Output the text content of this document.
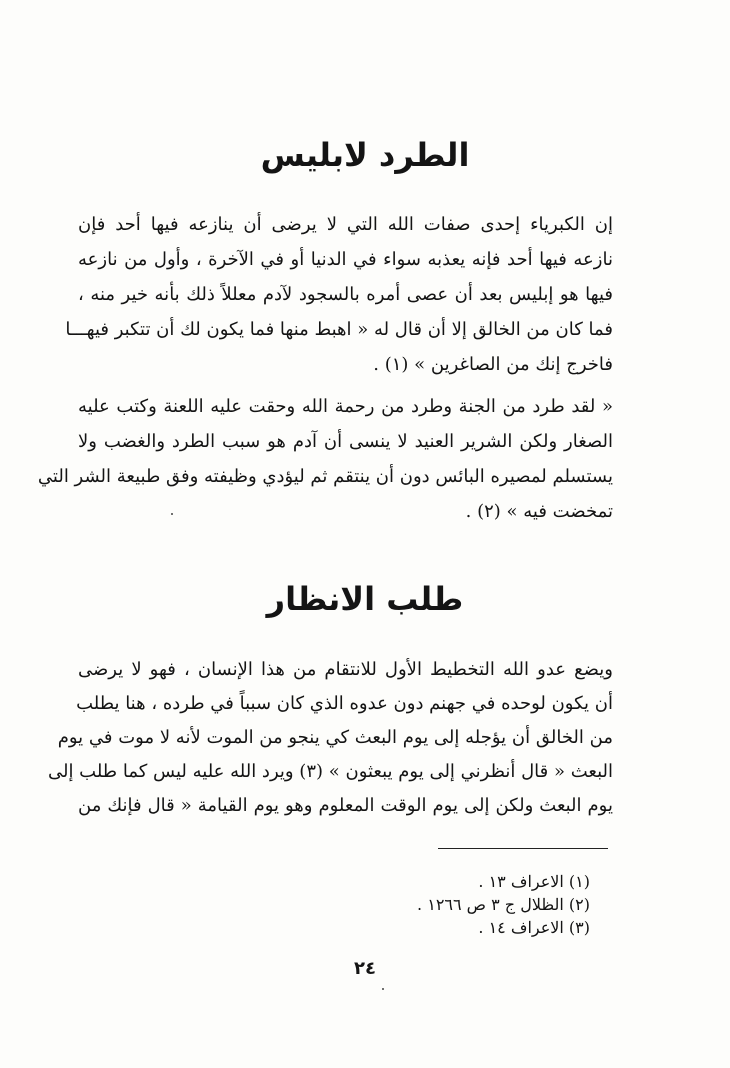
الطرد لابليس
إن الكبرياء إحدى صفات الله التي لا يرضى أن ينازعه فيها أحد فإن
نازعه فيها أحد فإنه يعذبه سواء في الدنيا أو في الآخرة ، وأول من نازعه
فيها هو إبليس بعد أن عصى أمره بالسجود لآدم معللاً ذلك بأنه خير منه ،
فما كان من الخالق إلا أن قال له « اهبط منها فما يكون لك أن تتكبر فيهـــا
فاخرج إنك من الصاغرين » (١) .
« لقد طرد من الجنة وطرد من رحمة الله وحقت عليه اللعنة وكتب عليه
الصغار ولكن الشرير العنيد لا ينسى أن آدم هو سبب الطرد والغضب ولا
يستسلم لمصيره البائس دون أن ينتقم ثم ليؤدي وظيفته وفق طبيعة الشر التي
تمخضت فيه » (٢) .
طلب الانظار
ويضع عدو الله التخطيط الأول للانتقام من هذا الإنسان ، فهو لا يرضى
أن يكون لوحده في جهنم دون عدوه الذي كان سبباً في طرده ، هنا يطلب
من الخالق أن يؤجله إلى يوم البعث كي ينجو من الموت لأنه لا موت في يوم
البعث « قال أنظرني إلى يوم يبعثون » (٣) ويرد الله عليه ليس كما طلب إلى
يوم البعث ولكن إلى يوم الوقت المعلوم وهو يوم القيامة « قال فإنك من
(١) الاعراف ١٣ .
(٢) الظلال ج ٣ ص ١٢٦٦ .
(٣) الاعراف ١٤ .
٢٤
